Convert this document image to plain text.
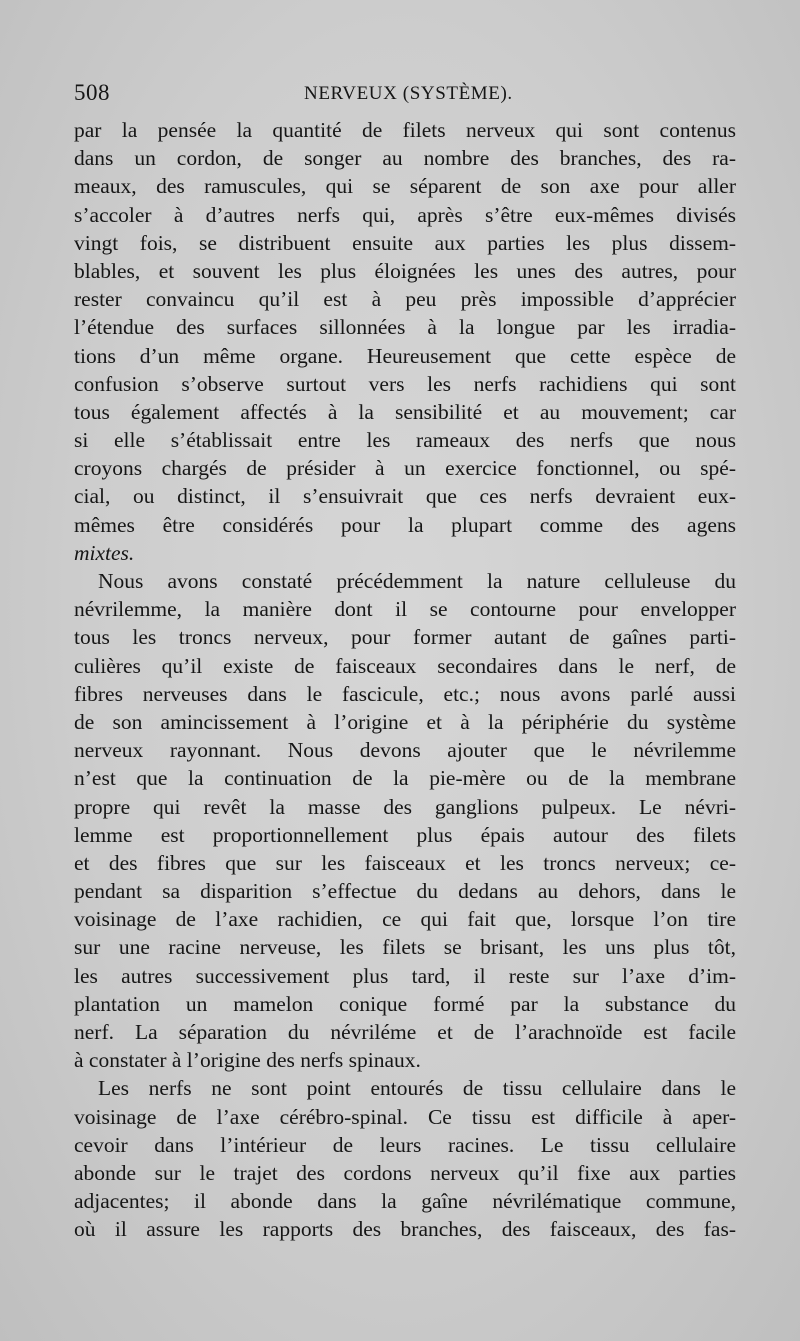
508	NERVEUX (SYSTÈME).
par la pensée la quantité de filets nerveux qui sont contenus
dans un cordon, de songer au nombre des branches, des ra-
meaux, des ramuscules, qui se séparent de son axe pour aller
s’accoler à d’autres nerfs qui, après s’être eux-mêmes divisés
vingt fois, se distribuent ensuite aux parties les plus dissem-
blables, et souvent les plus éloignées les unes des autres, pour
rester convaincu qu’il est à peu près impossible d’apprécier
l’étendue des surfaces sillonnées à la longue par les irradia-
tions d’un même organe. Heureusement que cette espèce de
confusion s’observe surtout vers les nerfs rachidiens qui sont
tous également affectés à la sensibilité et au mouvement; car
si elle s’établissait entre les rameaux des nerfs que nous
croyons chargés de présider à un exercice fonctionnel, ou spé-
cial, ou distinct, il s’ensuivrait que ces nerfs devraient eux-
mêmes être considérés pour la plupart comme des agens
mixtes.
Nous avons constaté précédemment la nature celluleuse du
névrilemme, la manière dont il se contourne pour envelopper
tous les troncs nerveux, pour former autant de gaînes parti-
culières qu’il existe de faisceaux secondaires dans le nerf, de
fibres nerveuses dans le fascicule, etc.; nous avons parlé aussi
de son amincissement à l’origine et à la périphérie du système
nerveux rayonnant. Nous devons ajouter que le névrilemme
n’est que la continuation de la pie-mère ou de la membrane
propre qui revêt la masse des ganglions pulpeux. Le névri-
lemme est proportionnellement plus épais autour des filets
et des fibres que sur les faisceaux et les troncs nerveux; ce-
pendant sa disparition s’effectue du dedans au dehors, dans le
voisinage de l’axe rachidien, ce qui fait que, lorsque l’on tire
sur une racine nerveuse, les filets se brisant, les uns plus tôt,
les autres successivement plus tard, il reste sur l’axe d’im-
plantation un mamelon conique formé par la substance du
nerf. La séparation du névriléme et de l’arachnoïde est facile
à constater à l’origine des nerfs spinaux.
Les nerfs ne sont point entourés de tissu cellulaire dans le
voisinage de l’axe cérébro-spinal. Ce tissu est difficile à aper-
cevoir dans l’intérieur de leurs racines. Le tissu cellulaire
abonde sur le trajet des cordons nerveux qu’il fixe aux parties
adjacentes; il abonde dans la gaîne névrilématique commune,
où il assure les rapports des branches, des faisceaux, des fas-
